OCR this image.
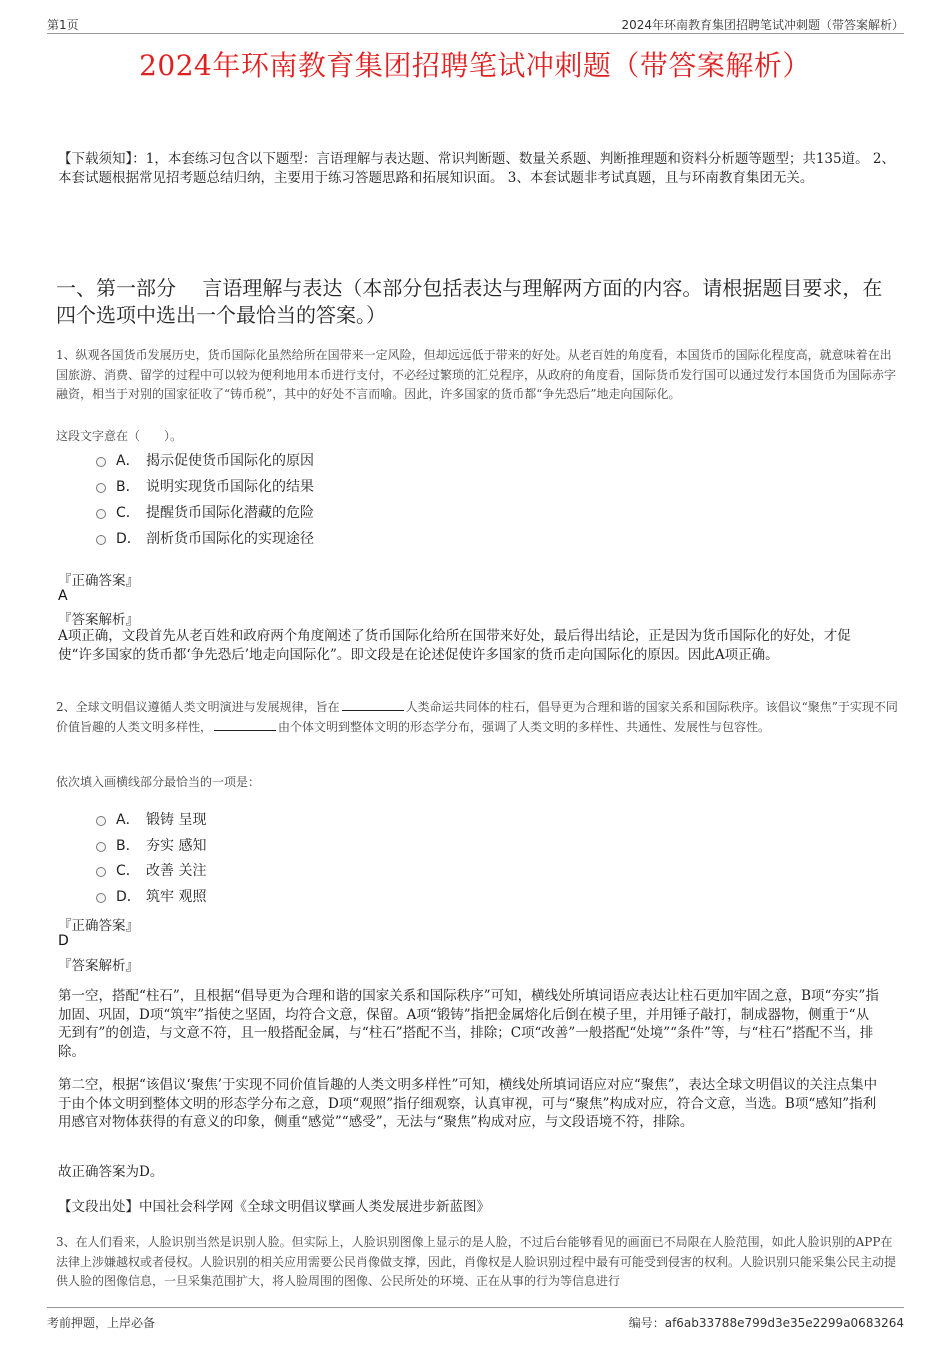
第1页	2024年环南教育集团招聘笔试冲刺题（带答案解析）
2024年环南教育集团招聘笔试冲刺题（带答案解析）
【下载须知】：1，本套练习包含以下题型：言语理解与表达题、常识判断题、数量关系题、判断推理题和资料分析题等题型；共135道。 2、本套试题根据常见招考题总结归纳，主要用于练习答题思路和拓展知识面。 3、本套试题非考试真题，且与环南教育集团无关。
一、第一部分　 言语理解与表达（本部分包括表达与理解两方面的内容。请根据题目要求，在四个选项中选出一个最恰当的答案。）
1、纵观各国货币发展历史，货币国际化虽然给所在国带来一定风险，但却远远低于带来的好处。从老百姓的角度看，本国货币的国际化程度高，就意味着在出国旅游、消费、留学的过程中可以较为便利地用本币进行支付，不必经过繁琐的汇兑程序，从政府的角度看，国际货币发行国可以通过发行本国货币为国际赤字融资，相当于对别的国家征收了“铸币税”，其中的好处不言而喻。因此，许多国家的货币都“争先恐后”地走向国际化。
这段文字意在（　　）。
A． 揭示促使货币国际化的原因
B． 说明实现货币国际化的结果
C． 提醒货币国际化潜藏的危险
D． 剖析货币国际化的实现途径
『正确答案』
A
『答案解析』
A项正确，文段首先从老百姓和政府两个角度阐述了货币国际化给所在国带来好处，最后得出结论，正是因为货币国际化的好处，才促使“许多国家的货币都‘争先恐后’地走向国际化”。即文段是在论述促使许多国家的货币走向国际化的原因。因此A项正确。
2、全球文明倡议遵循人类文明演进与发展规律，旨在	人类命运共同体的柱石，倡导更为合理和谐的国家关系和国际秩序。该倡议“聚焦”于实现不同价值旨趣的人类文明多样性，	由个体文明到整体文明的形态学分布，强调了人类文明的多样性、共通性、发展性与包容性。
依次填入画横线部分最恰当的一项是：
A． 锻铸 呈现
B． 夯实 感知
C． 改善 关注
D． 筑牢 观照
『正确答案』
D
『答案解析』
第一空，搭配“柱石”，且根据“倡导更为合理和谐的国家关系和国际秩序”可知，横线处所填词语应表达让柱石更加牢固之意，B项“夯实”指加固、巩固，D项“筑牢”指使之坚固，均符合文意，保留。A项“锻铸”指把金属熔化后倒在模子里，并用锤子敲打，制成器物，侧重于“从无到有”的创造，与文意不符，且一般搭配金属，与“柱石”搭配不当，排除；C项“改善”一般搭配“处境”“条件”等，与“柱石”搭配不当，排除。
第二空，根据“该倡议‘聚焦’于实现不同价值旨趣的人类文明多样性”可知，横线处所填词语应对应“聚焦”，表达全球文明倡议的关注点集中于由个体文明到整体文明的形态学分布之意，D项“观照”指仔细观察，认真审视，可与“聚焦”构成对应，符合文意，当选。B项“感知”指利用感官对物体获得的有意义的印象，侧重“感觉”“感受”，无法与“聚焦”构成对应，与文段语境不符，排除。
故正确答案为D。
【文段出处】中国社会科学网《全球文明倡议擘画人类发展进步新蓝图》
3、在人们看来，人脸识别当然是识别人脸。但实际上，人脸识别图像上显示的是人脸，不过后台能够看见的画面已不局限在人脸范围，如此人脸识别的APP在法律上涉嫌越权或者侵权。人脸识别的相关应用需要公民肖像做支撑，因此，肖像权是人脸识别过程中最有可能受到侵害的权利。人脸识别只能采集公民主动提供人脸的图像信息，一旦采集范围扩大，将人脸周围的图像、公民所处的环境、正在从事的行为等信息进行
考前押题，上岸必备	编号：af6ab33788e799d3e35e2299a0683264
